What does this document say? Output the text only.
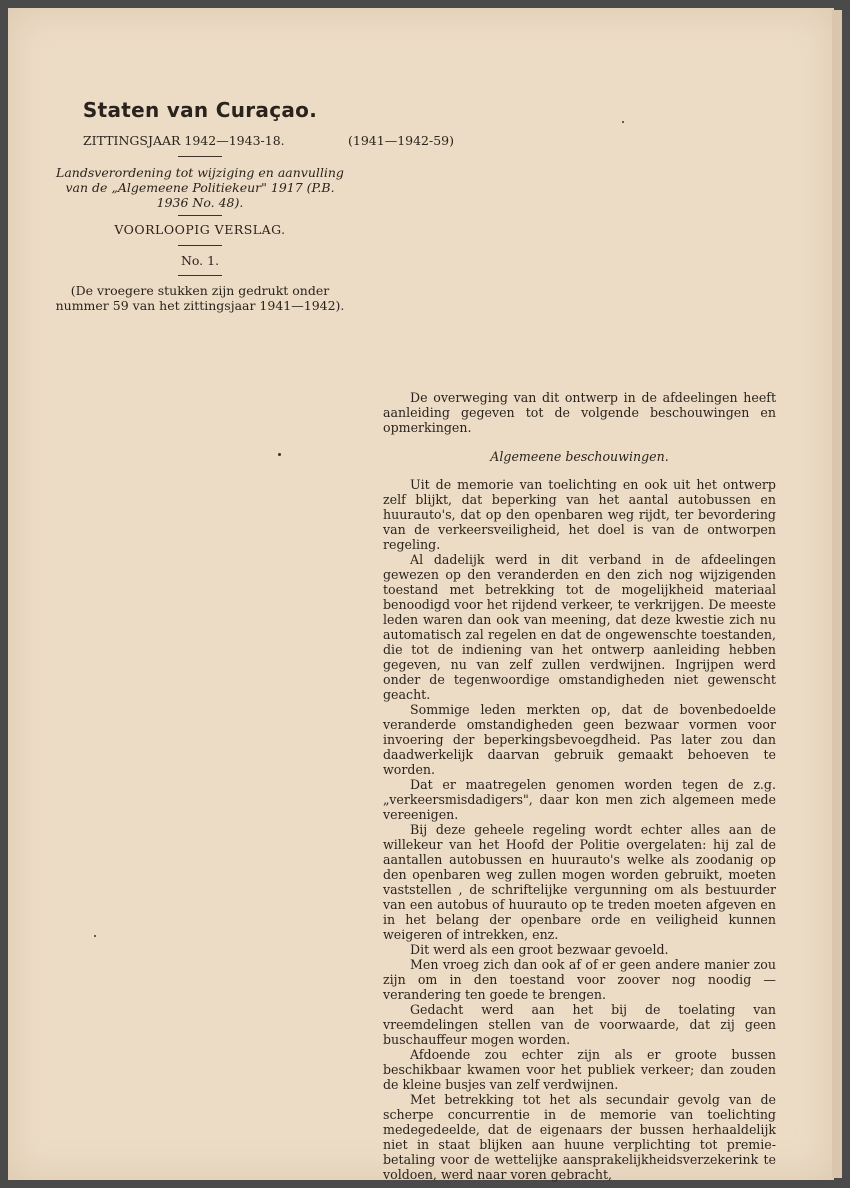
Staten van Curaçao.
ZITTINGSJAAR 1942—1943-18.	(1941—1942-59)
Landsverordening tot wijziging en aanvulling van de „Algemeene Politiekeur" 1917 (P.B. 1936 No. 48).
VOORLOOPIG VERSLAG.
No. 1.
(De vroegere stukken zijn gedrukt onder nummer 59 van het zittingsjaar 1941—1942).

De overweging van dit ontwerp in de afdeelingen heeft aanleiding gegeven tot de volgende beschouwingen en opmerkingen.

Algemeene beschouwingen.

Uit de memorie van toelichting en ook uit het ontwerp zelf blijkt, dat beperking van het aantal autobussen en huurauto's, dat op den openbaren weg rijdt, ter bevordering van de verkeersveiligheid, het doel is van de ontworpen regeling.

Al dadelijk werd in dit verband in de afdeelingen gewezen op den veranderden en den zich nog wijzigenden toestand met betrekking tot de mogelijkheid materiaal benoodigd voor het rijdend verkeer, te verkrijgen. De meeste leden waren dan ook van meening, dat deze kwestie zich nu automatisch zal regelen en dat de ongewenschte toestanden, die tot de indiening van het ontwerp aanleiding hebben gegeven, nu van zelf zullen verdwijnen. Ingrijpen werd onder de tegenwoordige omstandigheden niet gewenscht geacht.

Sommige leden merkten op, dat de bovenbedoelde veranderde omstandigheden geen bezwaar vormen voor invoering der beperkingsbevoegdheid. Pas later zou dan daadwerkelijk daarvan gebruik gemaakt behoeven te worden.

Dat er maatregelen genomen worden tegen de z.g. „verkeersmisdadigers", daar kon men zich algemeen mede vereenigen.

Bij deze geheele regeling wordt echter alles aan de willekeur van het Hoofd der Politie overgelaten: hij zal de aantallen autobussen en huurauto's welke als zoodanig op den openbaren weg zullen mogen worden gebruikt, moeten vaststellen , de schriftelijke vergunning om als bestuurder van een autobus of huurauto op te treden moeten afgeven en in het belang der openbare orde en veiligheid kunnen weigeren of intrekken, enz.

Dit werd als een groot bezwaar gevoeld.

Men vroeg zich dan ook af of er geen andere manier zou zijn om in den toestand voor zoover nog noodig — verandering ten goede te brengen.

Gedacht werd aan het bij de toelating van vreemdelingen stellen van de voorwaarde, dat zij geen buschauffeur mogen worden.

Afdoende zou echter zijn als er groote bussen beschikbaar kwamen voor het publiek verkeer; dan zouden de kleine busjes van zelf verdwijnen.

Met betrekking tot het als secundair gevolg van de scherpe concurrentie in de memorie van toelichting medegedeelde, dat de eigenaars der bussen herhaaldelijk niet in staat blijken aan huune verplichting tot premie-betaling voor de wettelijke aansprakelijkheidsverzekerink te voldoen, werd naar voren gebracht,
